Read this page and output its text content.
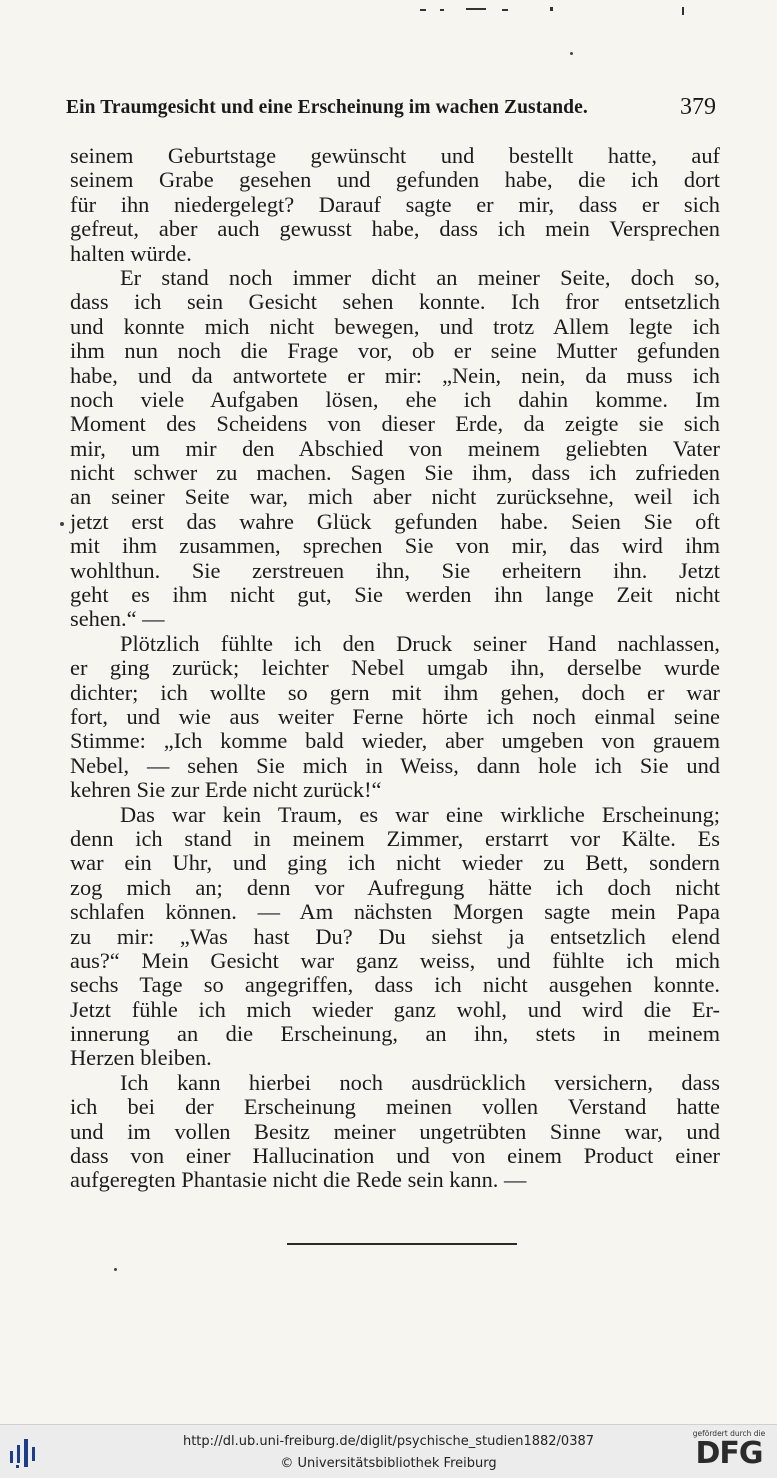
Ein Traumgesicht und eine Erscheinung im wachen Zustande.	379
seinem Geburtstage gewünscht und bestellt hatte, auf
seinem Grabe gesehen und gefunden habe, die ich dort
für ihn niedergelegt? Darauf sagte er mir, dass er sich
gefreut, aber auch gewusst habe, dass ich mein Versprechen
halten würde.
Er stand noch immer dicht an meiner Seite, doch so,
dass ich sein Gesicht sehen konnte. Ich fror entsetzlich
und konnte mich nicht bewegen, und trotz Allem legte ich
ihm nun noch die Frage vor, ob er seine Mutter gefunden
habe, und da antwortete er mir: „Nein, nein, da muss ich
noch viele Aufgaben lösen, ehe ich dahin komme. Im
Moment des Scheidens von dieser Erde, da zeigte sie sich
mir, um mir den Abschied von meinem geliebten Vater
nicht schwer zu machen. Sagen Sie ihm, dass ich zufrieden
an seiner Seite war, mich aber nicht zurücksehne, weil ich
jetzt erst das wahre Glück gefunden habe. Seien Sie oft
mit ihm zusammen, sprechen Sie von mir, das wird ihm
wohlthun. Sie zerstreuen ihn, Sie erheitern ihn. Jetzt
geht es ihm nicht gut, Sie werden ihn lange Zeit nicht
sehen.“ —
Plötzlich fühlte ich den Druck seiner Hand nachlassen,
er ging zurück; leichter Nebel umgab ihn, derselbe wurde
dichter; ich wollte so gern mit ihm gehen, doch er war
fort, und wie aus weiter Ferne hörte ich noch einmal seine
Stimme: „Ich komme bald wieder, aber umgeben von grauem
Nebel, — sehen Sie mich in Weiss, dann hole ich Sie und
kehren Sie zur Erde nicht zurück!“
Das war kein Traum, es war eine wirkliche Erscheinung;
denn ich stand in meinem Zimmer, erstarrt vor Kälte. Es
war ein Uhr, und ging ich nicht wieder zu Bett, sondern
zog mich an; denn vor Aufregung hätte ich doch nicht
schlafen können. — Am nächsten Morgen sagte mein Papa
zu mir: „Was hast Du? Du siehst ja entsetzlich elend
aus?“ Mein Gesicht war ganz weiss, und fühlte ich mich
sechs Tage so angegriffen, dass ich nicht ausgehen konnte.
Jetzt fühle ich mich wieder ganz wohl, und wird die Er-
innerung an die Erscheinung, an ihn, stets in meinem
Herzen bleiben.
Ich kann hierbei noch ausdrücklich versichern, dass
ich bei der Erscheinung meinen vollen Verstand hatte
und im vollen Besitz meiner ungetrübten Sinne war, und
dass von einer Hallucination und von einem Product einer
aufgeregten Phantasie nicht die Rede sein kann. —
http://dl.ub.uni-freiburg.de/diglit/psychische_studien1882/0387
© Universitätsbibliothek Freiburg
gefördert durch die
DFG
